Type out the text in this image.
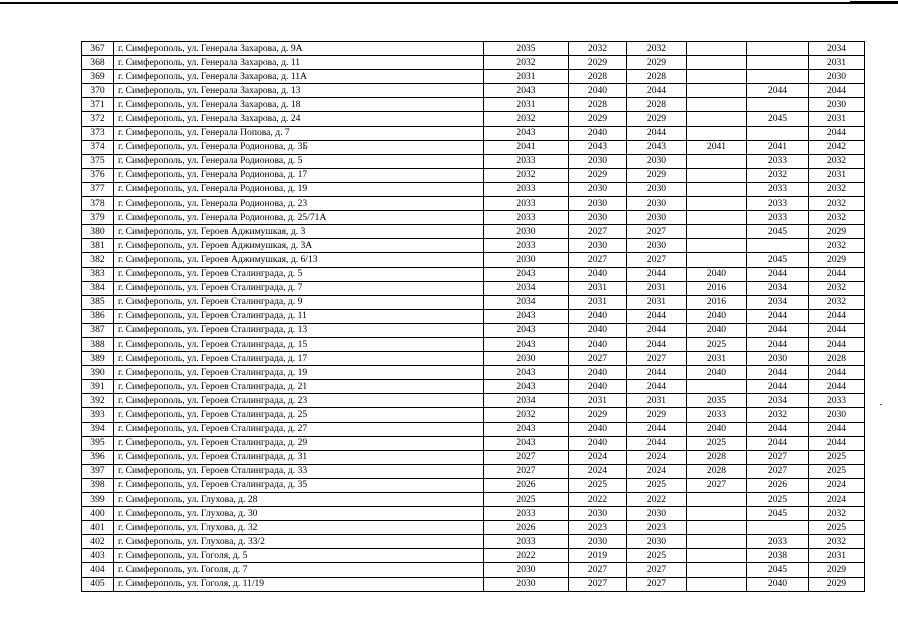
367	г. Симферополь, ул. Генерала Захарова, д. 9А	2035	2032	2032			2034
368	г. Симферополь, ул. Генерала Захарова, д. 11	2032	2029	2029			2031
369	г. Симферополь, ул. Генерала Захарова, д. 11А	2031	2028	2028			2030
370	г. Симферополь, ул. Генерала Захарова, д. 13	2043	2040	2044		2044	2044
371	г. Симферополь, ул. Генерала Захарова, д. 18	2031	2028	2028			2030
372	г. Симферополь, ул. Генерала Захарова, д. 24	2032	2029	2029		2045	2031
373	г. Симферополь, ул. Генерала Попова, д. 7	2043	2040	2044			2044
374	г. Симферополь, ул. Генерала Родионова, д. 3Б	2041	2043	2043	2041	2041	2042
375	г. Симферополь, ул. Генерала Родионова, д. 5	2033	2030	2030		2033	2032
376	г. Симферополь, ул. Генерала Родионова, д. 17	2032	2029	2029		2032	2031
377	г. Симферополь, ул. Генерала Родионова, д. 19	2033	2030	2030		2033	2032
378	г. Симферополь, ул. Генерала Родионова, д. 23	2033	2030	2030		2033	2032
379	г. Симферополь, ул. Генерала Родионова, д. 25/71А	2033	2030	2030		2033	2032
380	г. Симферополь, ул. Героев Аджимушкая, д. 3	2030	2027	2027		2045	2029
381	г. Симферополь, ул. Героев Аджимушкая, д. 3А	2033	2030	2030			2032
382	г. Симферополь, ул. Героев Аджимушкая, д. 6/13	2030	2027	2027		2045	2029
383	г. Симферополь, ул. Героев Сталинграда, д. 5	2043	2040	2044	2040	2044	2044
384	г. Симферополь, ул. Героев Сталинграда, д. 7	2034	2031	2031	2016	2034	2032
385	г. Симферополь, ул. Героев Сталинграда, д. 9	2034	2031	2031	2016	2034	2032
386	г. Симферополь, ул. Героев Сталинграда, д. 11	2043	2040	2044	2040	2044	2044
387	г. Симферополь, ул. Героев Сталинграда, д. 13	2043	2040	2044	2040	2044	2044
388	г. Симферополь, ул. Героев Сталинграда, д. 15	2043	2040	2044	2025	2044	2044
389	г. Симферополь, ул. Героев Сталинграда, д. 17	2030	2027	2027	2031	2030	2028
390	г. Симферополь, ул. Героев Сталинграда, д. 19	2043	2040	2044	2040	2044	2044
391	г. Симферополь, ул. Героев Сталинграда, д. 21	2043	2040	2044		2044	2044
392	г. Симферополь, ул. Героев Сталинграда, д. 23	2034	2031	2031	2035	2034	2033
393	г. Симферополь, ул. Героев Сталинграда, д. 25	2032	2029	2029	2033	2032	2030
394	г. Симферополь, ул. Героев Сталинграда, д. 27	2043	2040	2044	2040	2044	2044
395	г. Симферополь, ул. Героев Сталинграда, д. 29	2043	2040	2044	2025	2044	2044
396	г. Симферополь, ул. Героев Сталинграда, д. 31	2027	2024	2024	2028	2027	2025
397	г. Симферополь, ул. Героев Сталинграда, д. 33	2027	2024	2024	2028	2027	2025
398	г. Симферополь, ул. Героев Сталинграда, д. 35	2026	2025	2025	2027	2026	2024
399	г. Симферополь, ул. Глухова, д. 28	2025	2022	2022		2025	2024
400	г. Симферополь, ул. Глухова, д. 30	2033	2030	2030		2045	2032
401	г. Симферополь, ул. Глухова, д. 32	2026	2023	2023			2025
402	г. Симферополь, ул. Глухова, д. 33/2	2033	2030	2030		2033	2032
403	г. Симферополь, ул. Гоголя, д. 5	2022	2019	2025		2038	2031
404	г. Симферополь, ул. Гоголя, д. 7	2030	2027	2027		2045	2029
405	г. Симферополь, ул. Гоголя, д. 11/19	2030	2027	2027		2040	2029
